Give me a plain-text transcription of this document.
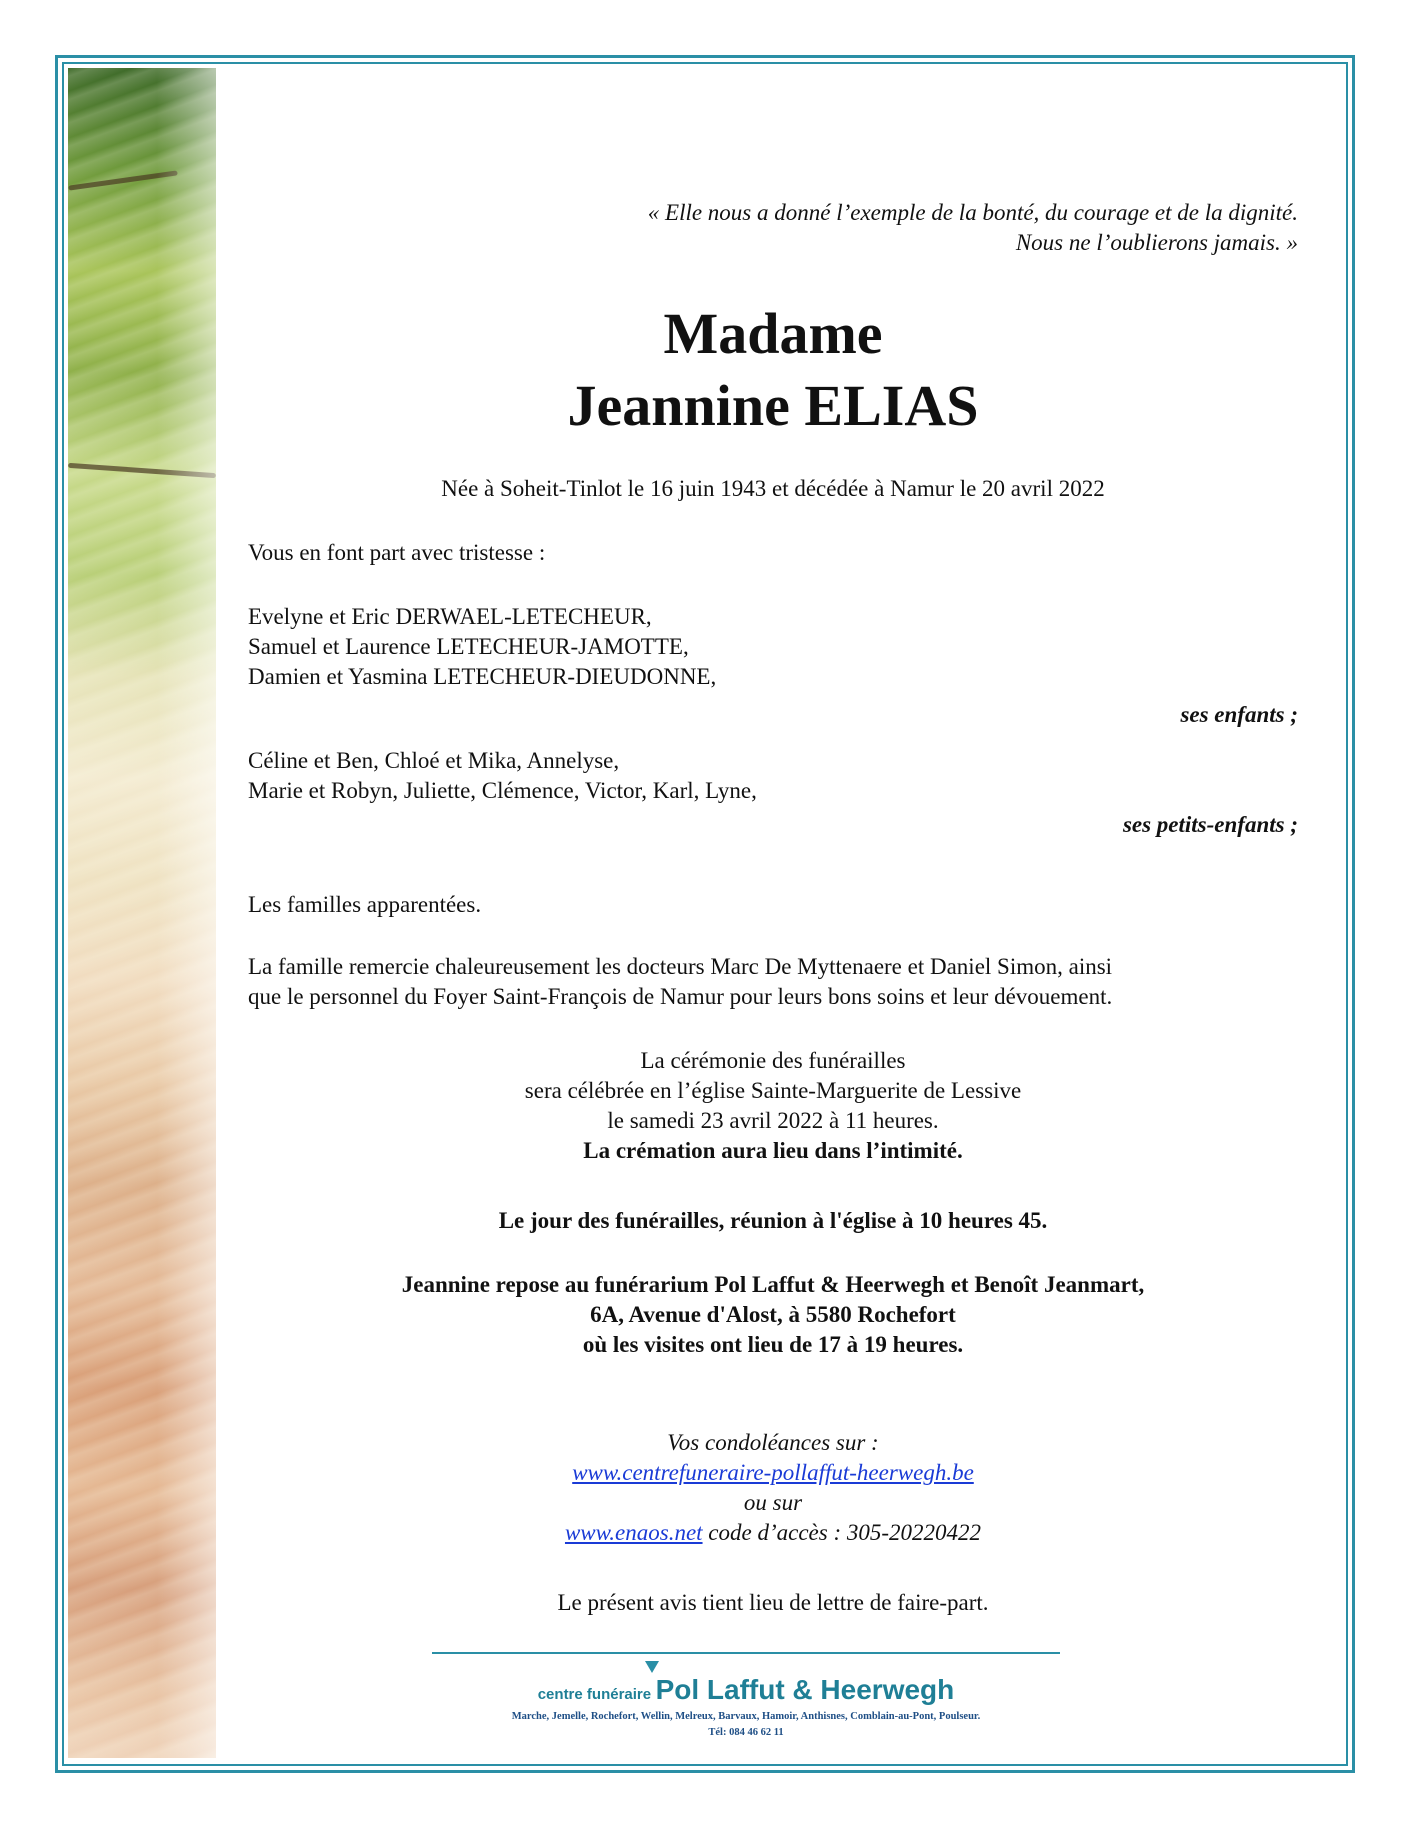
« Elle nous a donné l’exemple de la bonté, du courage et de la dignité.
Nous ne l’oublierons jamais. »
Madame
Jeannine ELIAS
Née à Soheit-Tinlot le 16 juin 1943 et décédée à Namur le 20 avril 2022
Vous en font part avec tristesse :
Evelyne et Eric DERWAEL-LETECHEUR,
Samuel et Laurence LETECHEUR-JAMOTTE,
Damien et Yasmina LETECHEUR-DIEUDONNE,
ses enfants ;
Céline et Ben, Chloé et Mika, Annelyse,
Marie et Robyn, Juliette, Clémence, Victor, Karl, Lyne,
ses petits-enfants ;
Les familles apparentées.
La famille remercie chaleureusement les docteurs Marc De Myttenaere et Daniel Simon, ainsi
que le personnel du Foyer Saint-François de Namur pour leurs bons soins et leur dévouement.
La cérémonie des funérailles
sera célébrée en l’église Sainte-Marguerite de Lessive
le samedi 23 avril 2022 à 11 heures.
La crémation aura lieu dans l’intimité.
Le jour des funérailles, réunion à l'église à 10 heures 45.
Jeannine repose au funérarium Pol Laffut & Heerwegh et Benoît Jeanmart,
6A, Avenue d'Alost, à 5580 Rochefort
où les visites ont lieu de 17 à 19 heures.
Vos condoléances sur :
www.centrefuneraire-pollaffut-heerwegh.be
ou sur
www.enaos.net code d’accès : 305-20220422
Le présent avis tient lieu de lettre de faire-part.
centre funéraire Pol Laffut & Heerwegh
Marche, Jemelle, Rochefort, Wellin, Melreux, Barvaux, Hamoir, Anthisnes, Comblain-au-Pont, Poulseur.
Tél: 084 46 62 11
